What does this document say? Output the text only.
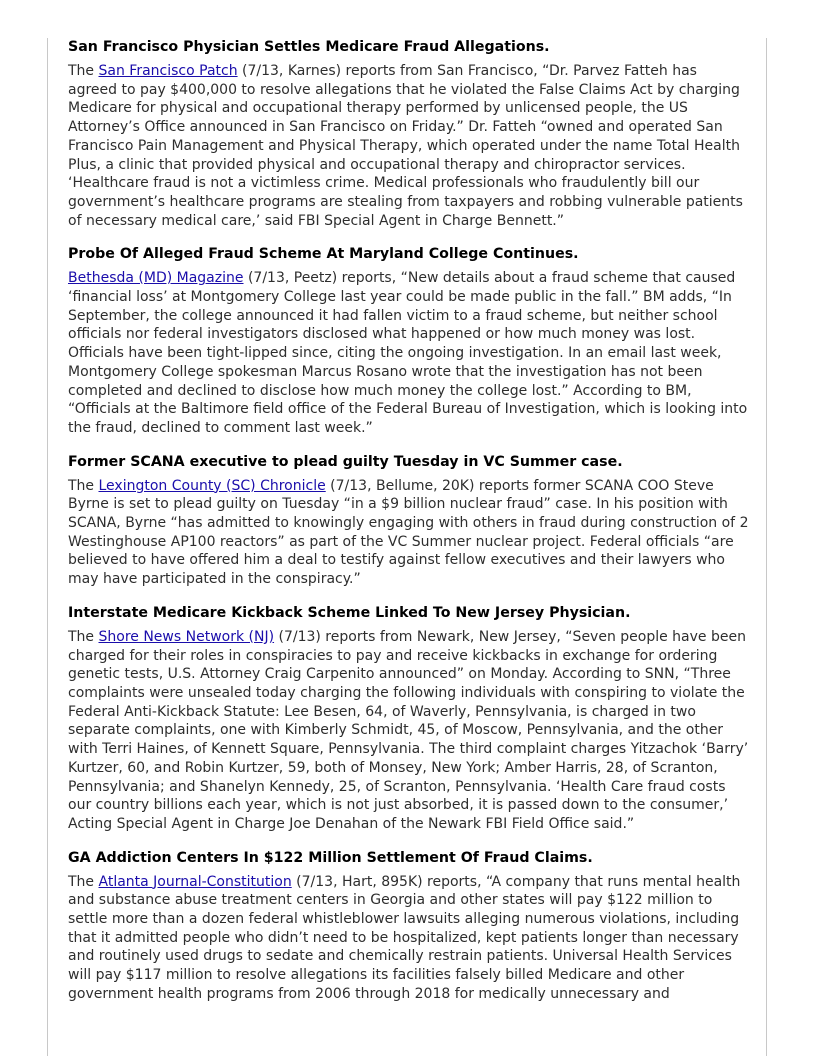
San Francisco Physician Settles Medicare Fraud Allegations.

The San Francisco Patch (7/13, Karnes) reports from San Francisco, “Dr. Parvez Fatteh has agreed to pay $400,000 to resolve allegations that he violated the False Claims Act by charging Medicare for physical and occupational therapy performed by unlicensed people, the US Attorney’s Office announced in San Francisco on Friday.” Dr. Fatteh “owned and operated San Francisco Pain Management and Physical Therapy, which operated under the name Total Health Plus, a clinic that provided physical and occupational therapy and chiropractor services. ‘Healthcare fraud is not a victimless crime. Medical professionals who fraudulently bill our government’s healthcare programs are stealing from taxpayers and robbing vulnerable patients of necessary medical care,’ said FBI Special Agent in Charge Bennett.”

Probe Of Alleged Fraud Scheme At Maryland College Continues.

Bethesda (MD) Magazine (7/13, Peetz) reports, “New details about a fraud scheme that caused ‘financial loss’ at Montgomery College last year could be made public in the fall.” BM adds, “In September, the college announced it had fallen victim to a fraud scheme, but neither school officials nor federal investigators disclosed what happened or how much money was lost. Officials have been tight-lipped since, citing the ongoing investigation. In an email last week, Montgomery College spokesman Marcus Rosano wrote that the investigation has not been completed and declined to disclose how much money the college lost.” According to BM, “Officials at the Baltimore field office of the Federal Bureau of Investigation, which is looking into the fraud, declined to comment last week.”

Former SCANA executive to plead guilty Tuesday in VC Summer case.

The Lexington County (SC) Chronicle (7/13, Bellume, 20K) reports former SCANA COO Steve Byrne is set to plead guilty on Tuesday “in a $9 billion nuclear fraud” case. In his position with SCANA, Byrne “has admitted to knowingly engaging with others in fraud during construction of 2 Westinghouse AP100 reactors” as part of the VC Summer nuclear project. Federal officials “are believed to have offered him a deal to testify against fellow executives and their lawyers who may have participated in the conspiracy.”

Interstate Medicare Kickback Scheme Linked To New Jersey Physician.

The Shore News Network (NJ) (7/13) reports from Newark, New Jersey, “Seven people have been charged for their roles in conspiracies to pay and receive kickbacks in exchange for ordering genetic tests, U.S. Attorney Craig Carpenito announced” on Monday. According to SNN, “Three complaints were unsealed today charging the following individuals with conspiring to violate the Federal Anti-Kickback Statute: Lee Besen, 64, of Waverly, Pennsylvania, is charged in two separate complaints, one with Kimberly Schmidt, 45, of Moscow, Pennsylvania, and the other with Terri Haines, of Kennett Square, Pennsylvania. The third complaint charges Yitzachok ‘Barry’ Kurtzer, 60, and Robin Kurtzer, 59, both of Monsey, New York; Amber Harris, 28, of Scranton, Pennsylvania; and Shanelyn Kennedy, 25, of Scranton, Pennsylvania. ‘Health Care fraud costs our country billions each year, which is not just absorbed, it is passed down to the consumer,’ Acting Special Agent in Charge Joe Denahan of the Newark FBI Field Office said.”

GA Addiction Centers In $122 Million Settlement Of Fraud Claims.

The Atlanta Journal-Constitution (7/13, Hart, 895K) reports, “A company that runs mental health and substance abuse treatment centers in Georgia and other states will pay $122 million to settle more than a dozen federal whistleblower lawsuits alleging numerous violations, including that it admitted people who didn’t need to be hospitalized, kept patients longer than necessary and routinely used drugs to sedate and chemically restrain patients. Universal Health Services will pay $117 million to resolve allegations its facilities falsely billed Medicare and other government health programs from 2006 through 2018 for medically unnecessary and
